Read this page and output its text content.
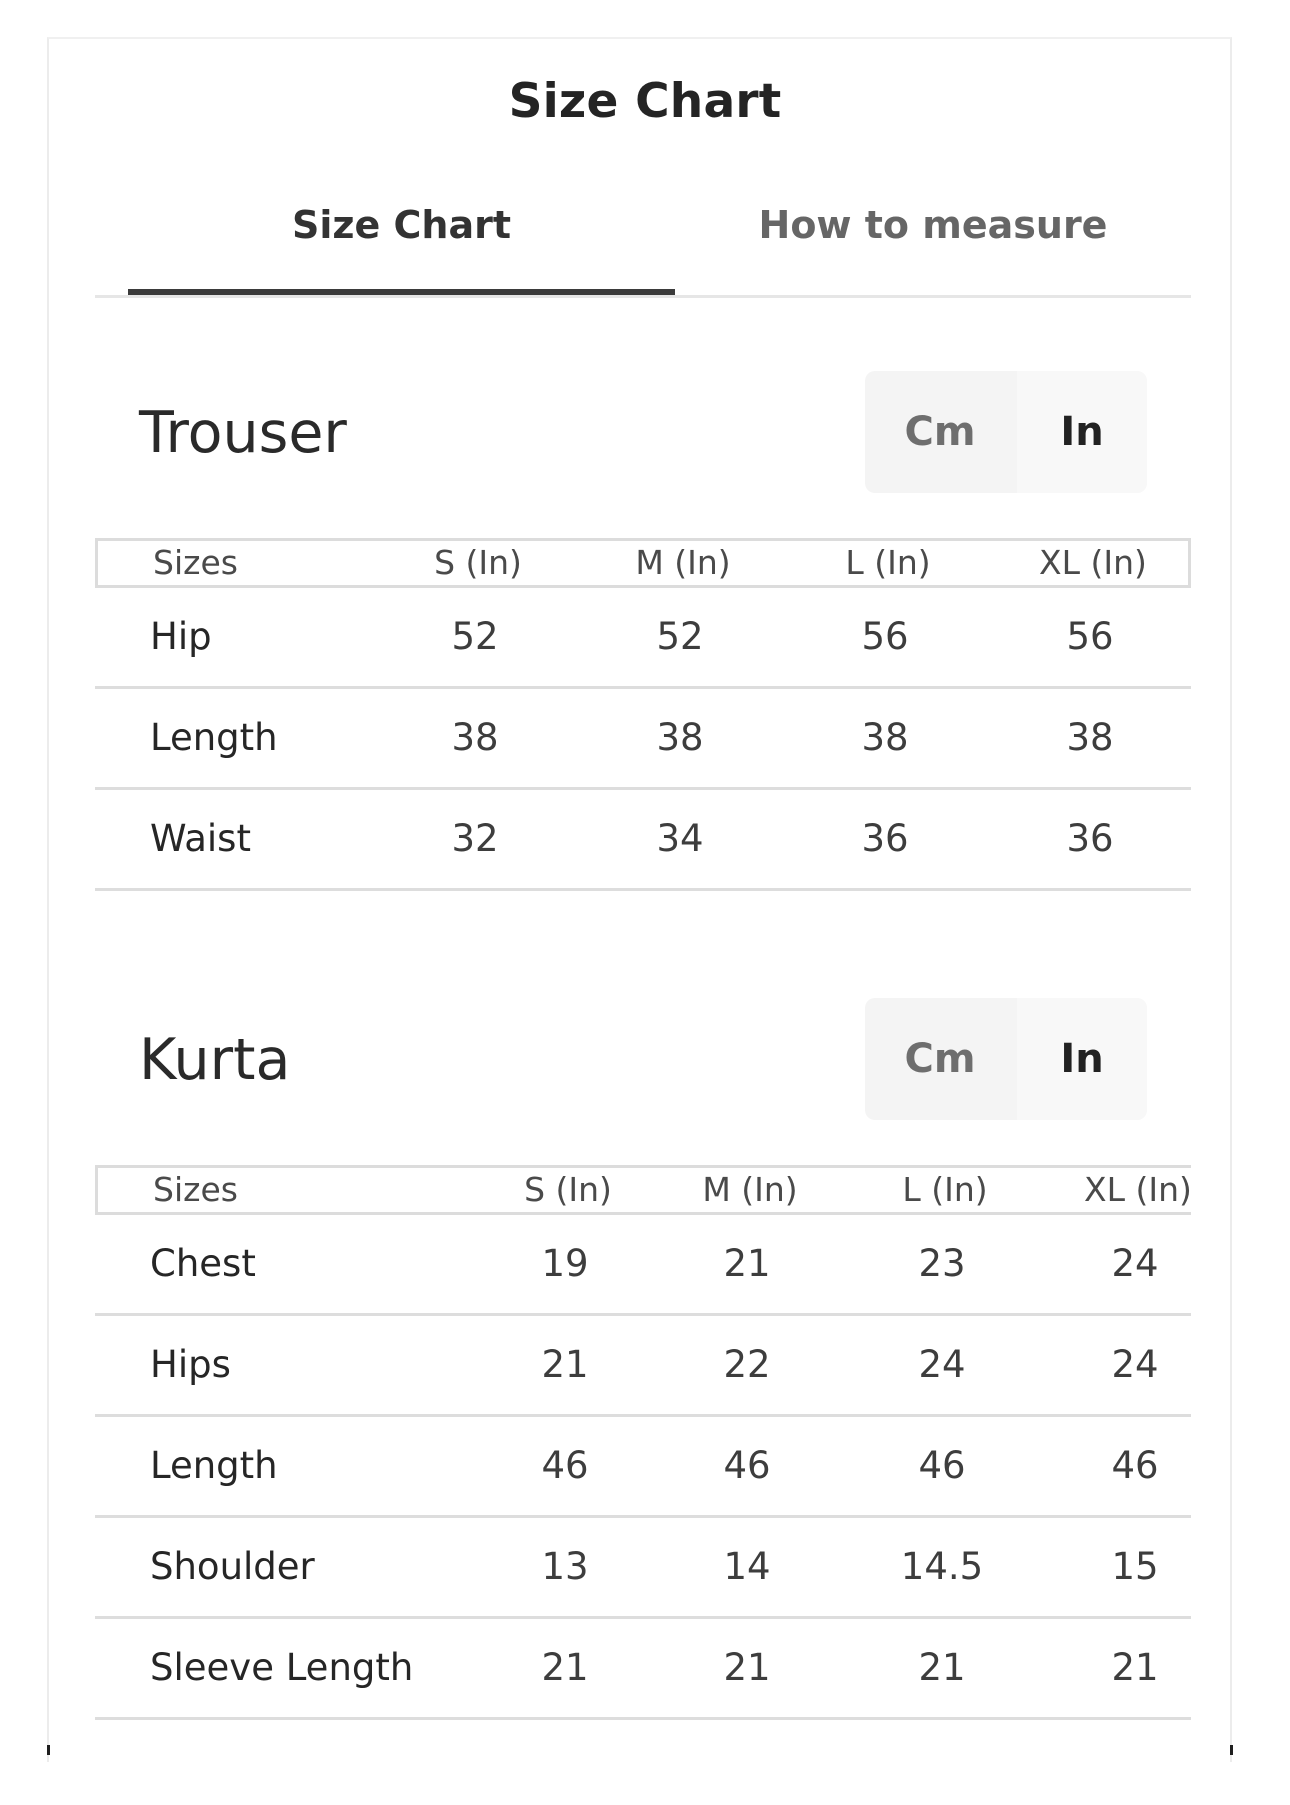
Size Chart
Size Chart	How to measure
Trouser	Cm	In
Sizes	S (In)	M (In)	L (In)	XL (In)
Hip	52	52	56	56
Length	38	38	38	38
Waist	32	34	36	36
Kurta	Cm	In
Sizes	S (In)	M (In)	L (In)	XL (In)
Chest	19	21	23	24
Hips	21	22	24	24
Length	46	46	46	46
Shoulder	13	14	14.5	15
Sleeve Length	21	21	21	21
